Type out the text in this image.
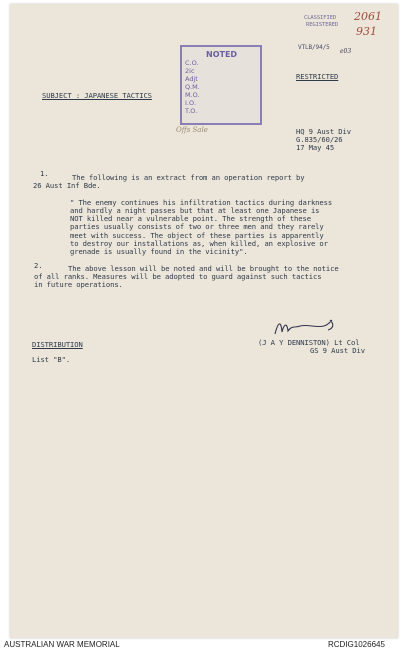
CLASSIFIED
REGISTERED
2061
931
VTLB/94/5
e03
NOTED
C.O.
2ic
Adjt
Q.M.
M.O.
I.O.
T.O.
Offs Sale
SUBJECT : JAPANESE TACTICS
RESTRICTED
HQ 9 Aust Div
G.835/60/26
17 May 45
1.	The following is an extract from an operation report by
26 Aust Inf Bde.
" The enemy continues his infiltration tactics during darkness
and hardly a night passes but that at least one Japanese is
NOT killed near a vulnerable point. The strength of these
parties usually consists of two or three men and they rarely
meet with success. The object of these parties is apparently
to destroy our installations as, when killed, an explosive or
grenade is usually found in the vicinity".
2.	The above lesson will be noted and will be brought to the notice
of all ranks. Measures will be adopted to guard against such tactics
in future operations.
(J A Y DENNISTON) Lt Col
GS 9 Aust Div
DISTRIBUTION
List "B".
AUSTRALIAN WAR MEMORIAL	RCDIG1026645
